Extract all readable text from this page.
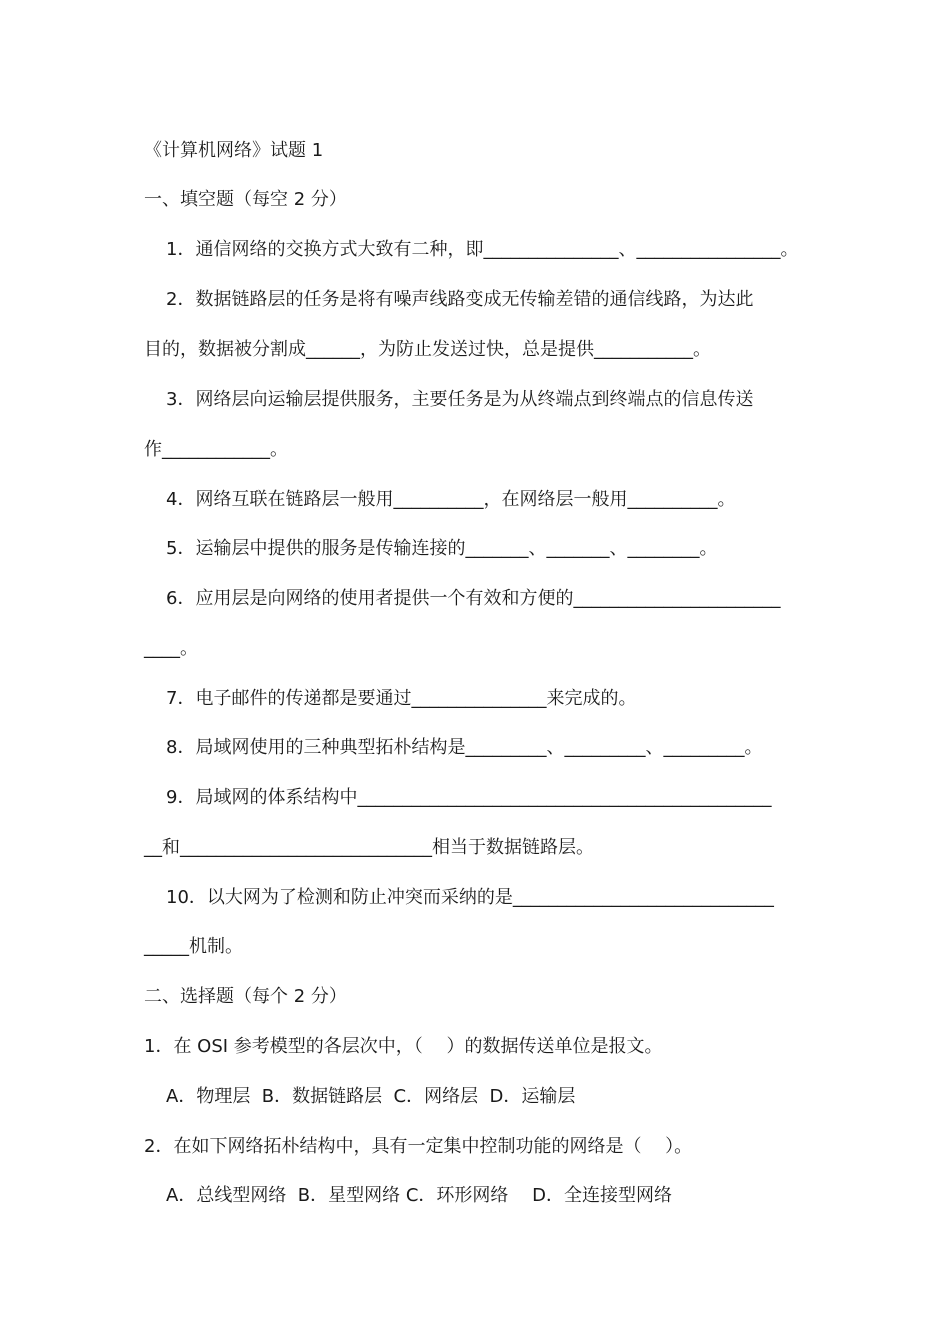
《计算机网络》试题 1
一、填空题（每空 2 分）
1．通信网络的交换方式大致有二种，即_______________、________________。
2．数据链路层的任务是将有噪声线路变成无传输差错的通信线路，为达此
目的，数据被分割成______，为防止发送过快，总是提供___________。
3．网络层向运输层提供服务，主要任务是为从终端点到终端点的信息传送
作____________。
4．网络互联在链路层一般用__________，在网络层一般用__________。
5．运输层中提供的服务是传输连接的_______、_______、________。
6．应用层是向网络的使用者提供一个有效和方便的_______________________
____。
7．电子邮件的传递都是要通过_______________来完成的。
8．局域网使用的三种典型拓朴结构是_________、_________、_________。
9．局域网的体系结构中______________________________________________
__和____________________________相当于数据链路层。
10．以大网为了检测和防止冲突而采纳的是_____________________________
_____机制。
二、选择题（每个 2 分）
1．在 OSI 参考模型的各层次中，（　 ）的数据传送单位是报文。
A．物理层  B．数据链路层  C．网络层  D．运输层
2．在如下网络拓朴结构中，具有一定集中控制功能的网络是（　 ）。
A．总线型网络  B．星型网络 C．环形网络　 D．全连接型网络
